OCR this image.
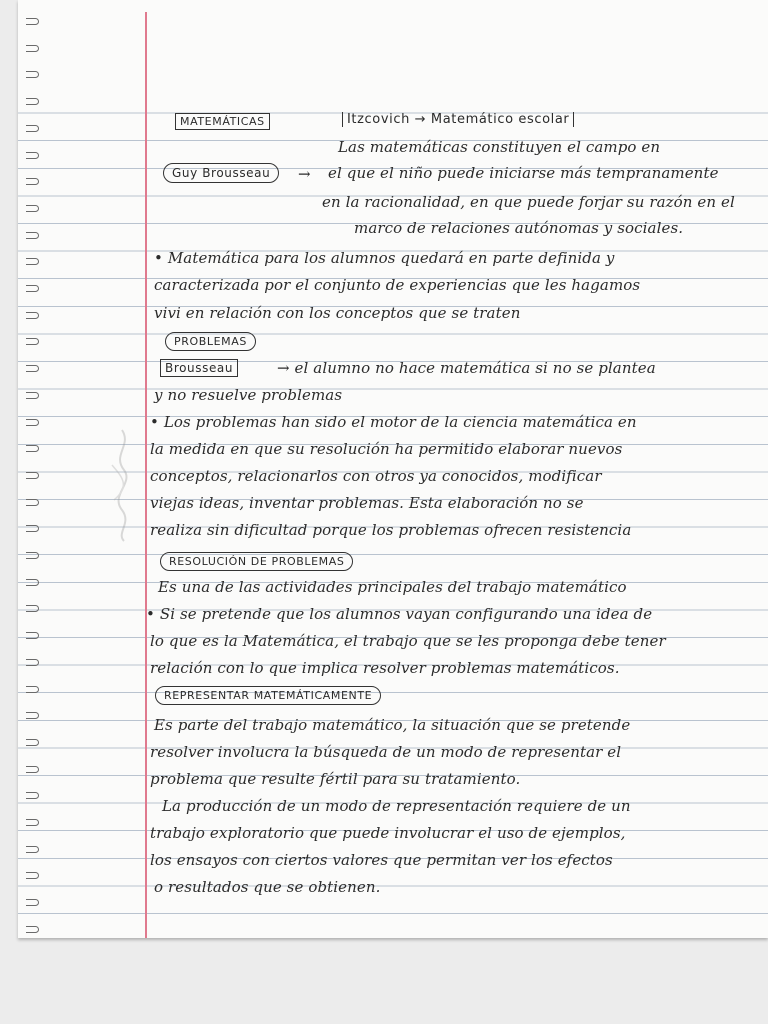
MATEMÁTICAS
Guy Brousseau	→
Itzcovich → Matemático escolar
PROBLEMAS
Brousseau
RESOLUCIÓN DE PROBLEMAS
REPRESENTAR MATEMÁTICAMENTE
Las matemáticas constituyen el campo en
el que el niño puede iniciarse más tempranamente
en la racionalidad, en que puede forjar su razón en el
marco de relaciones autónomas y sociales.
• Matemática para los alumnos quedará en parte definida y
caracterizada por el conjunto de experiencias que les hagamos
vivi en relación con los conceptos que se traten
→ el alumno no hace matemática si no se plantea
y no resuelve problemas
• Los problemas han sido el motor de la ciencia matemática en
la medida en que su resolución ha permitido elaborar nuevos
conceptos, relacionarlos con otros ya conocidos, modificar
viejas ideas, inventar problemas. Esta elaboración no se
realiza sin dificultad porque los problemas ofrecen resistencia
Es una de las actividades principales del trabajo matemático
• Si se pretende que los alumnos vayan configurando una idea de
lo que es la Matemática, el trabajo que se les proponga debe tener
relación con lo que implica resolver problemas matemáticos.
Es parte del trabajo matemático, la situación que se pretende
resolver involucra la búsqueda de un modo de representar el
problema que resulte fértil para su tratamiento.
La producción de un modo de representación requiere de un
trabajo exploratorio que puede involucrar el uso de ejemplos,
los ensayos con ciertos valores que permitan ver los efectos
o resultados que se obtienen.
